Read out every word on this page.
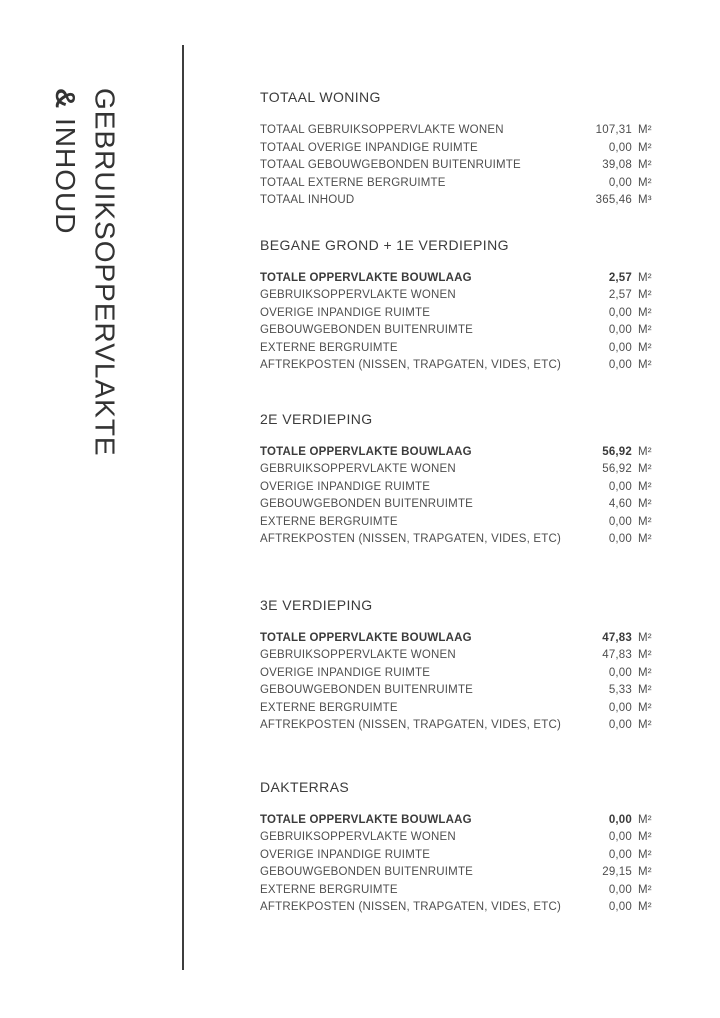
GEBRUIKSOPPERVLAKTE
& INHOUD
TOTAAL WONING
TOTAAL GEBRUIKSOPPERVLAKTE WONEN	107,31 M²
TOTAAL OVERIGE INPANDIGE RUIMTE	0,00 M²
TOTAAL GEBOUWGEBONDEN BUITENRUIMTE	39,08 M²
TOTAAL EXTERNE BERGRUIMTE	0,00 M²
TOTAAL INHOUD	365,46 M³
BEGANE GROND + 1E VERDIEPING
TOTALE OPPERVLAKTE BOUWLAAG	2,57 M²
GEBRUIKSOPPERVLAKTE WONEN	2,57 M²
OVERIGE INPANDIGE RUIMTE	0,00 M²
GEBOUWGEBONDEN BUITENRUIMTE	0,00 M²
EXTERNE BERGRUIMTE	0,00 M²
AFTREKPOSTEN (NISSEN, TRAPGATEN, VIDES, ETC)	0,00 M²
2E VERDIEPING
TOTALE OPPERVLAKTE BOUWLAAG	56,92 M²
GEBRUIKSOPPERVLAKTE WONEN	56,92 M²
OVERIGE INPANDIGE RUIMTE	0,00 M²
GEBOUWGEBONDEN BUITENRUIMTE	4,60 M²
EXTERNE BERGRUIMTE	0,00 M²
AFTREKPOSTEN (NISSEN, TRAPGATEN, VIDES, ETC)	0,00 M²
3E VERDIEPING
TOTALE OPPERVLAKTE BOUWLAAG	47,83 M²
GEBRUIKSOPPERVLAKTE WONEN	47,83 M²
OVERIGE INPANDIGE RUIMTE	0,00 M²
GEBOUWGEBONDEN BUITENRUIMTE	5,33 M²
EXTERNE BERGRUIMTE	0,00 M²
AFTREKPOSTEN (NISSEN, TRAPGATEN, VIDES, ETC)	0,00 M²
DAKTERRAS
TOTALE OPPERVLAKTE BOUWLAAG	0,00 M²
GEBRUIKSOPPERVLAKTE WONEN	0,00 M²
OVERIGE INPANDIGE RUIMTE	0,00 M²
GEBOUWGEBONDEN BUITENRUIMTE	29,15 M²
EXTERNE BERGRUIMTE	0,00 M²
AFTREKPOSTEN (NISSEN, TRAPGATEN, VIDES, ETC)	0,00 M²
